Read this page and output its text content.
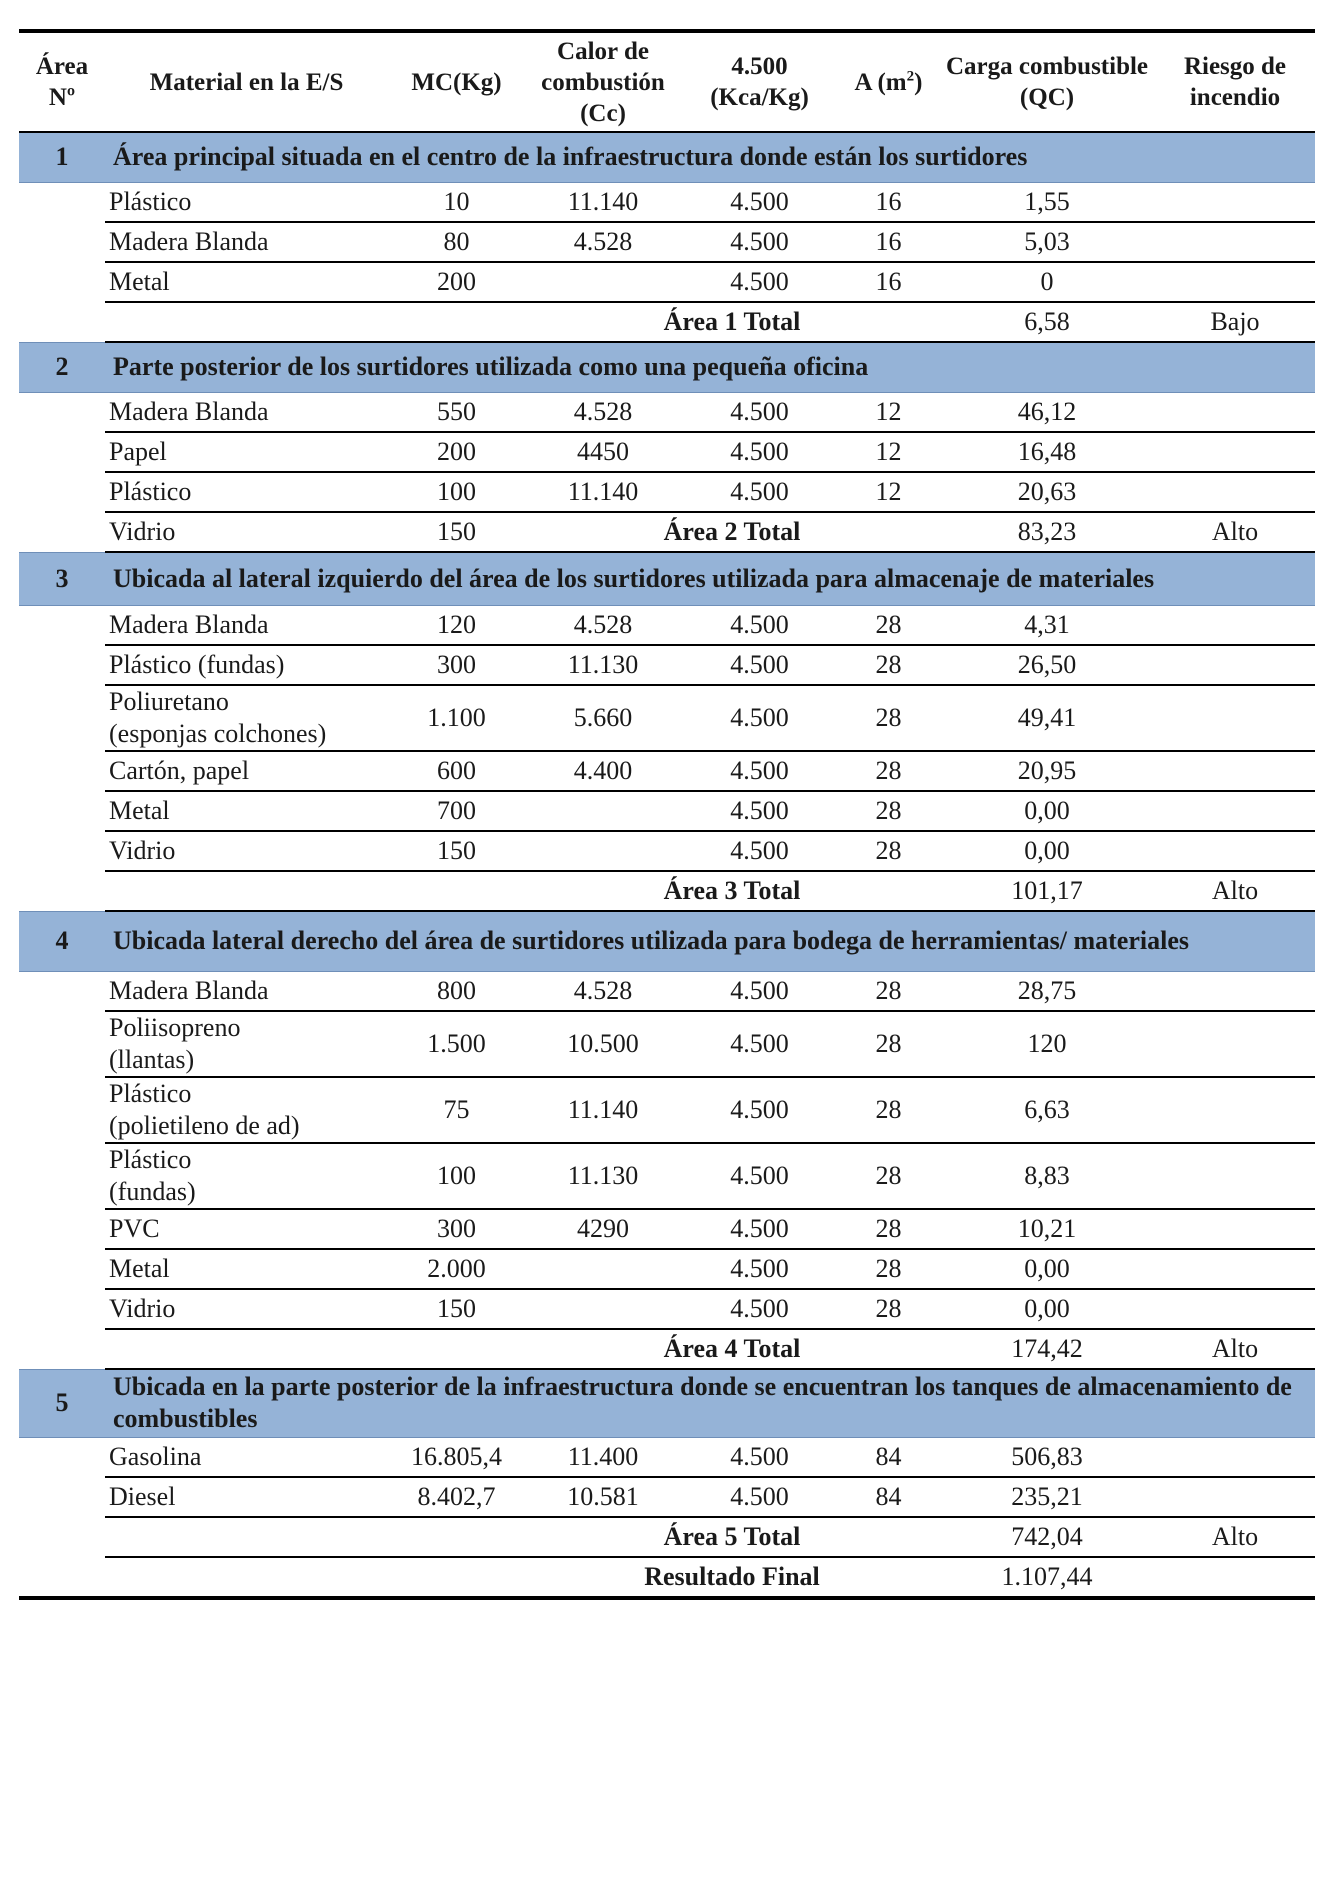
Área Nº	Material en la E/S	MC(Kg)	Calor de combustión (Cc)	4.500 (Kca/Kg)	A $(m^2)$	Carga combustible (QC)	Riesgo de incendio
1	Área principal situada en el centro de la infraestructura donde están los surtidores						

	Plástico	10	11.140	4.500	16	1,55	

	Madera Blanda	80	4.528	4.500	16	5,03	

	Metal	200		4.500	16	0	
			Área 1 Total			6,58	Bajo
2	Parte posterior de los surtidores utilizada como una pequeña oficina						

	Madera Blanda	550	4.528	4.500	12	46,12	

	Papel	200	4450	4.500	12	16,48	

	Plástico	100	11.140	4.500	12	20,63	
	Vidrio	150	Área 2 Total			83,23	Alto
3	Ubicada al lateral izquierdo del área de los surtidores utilizada para almacenaje de materiales						

	Madera Blanda	120	4.528	4.500	28	4,31	

	Plástico (fundas)	300	11.130	4.500	28	26,50	

	Poliuretano
(esponjas colchones)	1.100	5.660	4.500	28	49,41	

	Cartón, papel	600	4.400	4.500	28	20,95	

	Metal	700		4.500	28	0,00	

	Vidrio	150		4.500	28	0,00	
			Área 3 Total			101,17	Alto
4	Ubicada lateral derecho del área de surtidores utilizada para bodega de herramientas/ materiales						

	Madera Blanda	800	4.528	4.500	28	28,75	

	Poliisopreno
(llantas)	1.500	10.500	4.500	28	120	

	Plástico
(polietileno de ad)	75	11.140	4.500	28	6,63	

	Plástico
(fundas)	100	11.130	4.500	28	8,83	

	PVC	300	4290	4.500	28	10,21	

	Metal	2.000		4.500	28	0,00	

	Vidrio	150		4.500	28	0,00	
			Área 4 Total			174,42	Alto
5	Ubicada en la parte posterior de la infraestructura donde se encuentran los tanques de almacenamiento de combustibles						

	Gasolina	16.805,4	11.400	4.500	84	506,83	

	Diesel	8.402,7	10.581	4.500	84	235,21	
			Área 5 Total			742,04	Alto
			Resultado Final			1.107,44	
